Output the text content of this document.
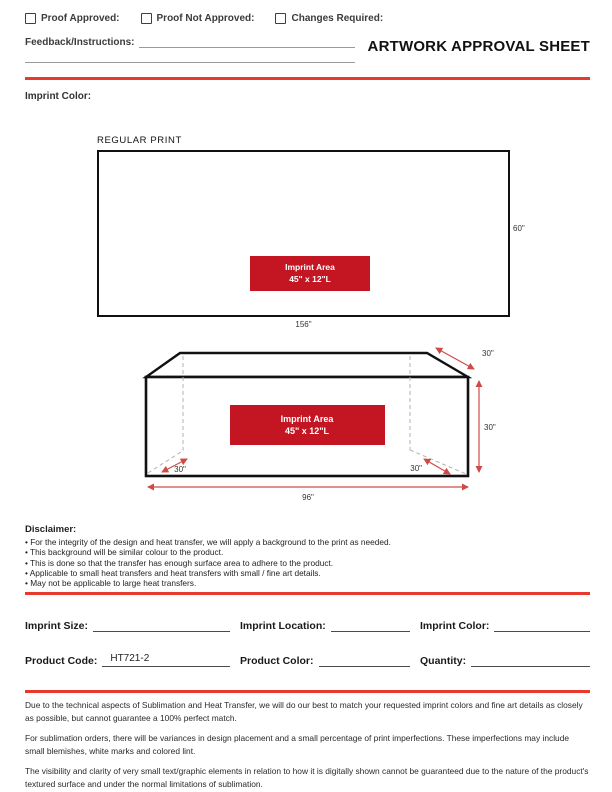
Proof Approved:	Proof Not Approved:	Changes Required:
Feedback/Instructions:	ARTWORK APPROVAL SHEET
Imprint Color:
REGULAR PRINT
Imprint Area
45" x 12"L
60"
156"
Imprint Area
45" x 12"L
30"
30"
96"
30"	30"
Disclaimer:
• For the integrity of the design and heat transfer, we will apply a background to the print as needed.
• This background will be similar colour to the product.
• This is done so that the transfer has enough surface area to adhere to the product.
• Applicable to small heat transfers and heat transfers with small / fine art details.
• May not be applicable to large heat transfers.
Imprint Size:	Imprint Location:	Imprint Color:
Product Code:	HT721-2	Product Color:	Quantity:

Due to the technical aspects of Sublimation and Heat Transfer, we will do our best to match your requested imprint colors and fine art details as closely as possible, but cannot guarantee a 100% perfect match.

For sublimation orders, there will be variances in design placement and a small percentage of print imperfections. These imperfections may include small blemishes, white marks and colored lint.

The visibility and clarity of very small text/graphic elements in relation to how it is digitally shown cannot be guaranteed due to the nature of the product's textured surface and under the normal limitations of sublimation.
